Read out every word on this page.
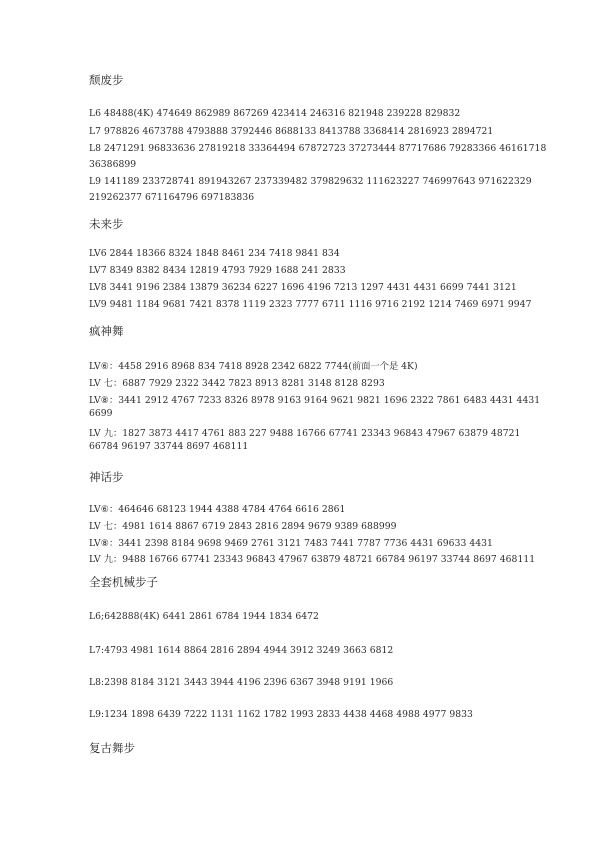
颓废步
L6 48488(4K) 474649 862989 867269 423414 246316 821948 239228 829832
L7 978826 4673788 4793888 3792446 8688133 8413788 3368414 2816923 2894721
L8 2471291 96833636 27819218 33364494 67872723 37273444 87717686 79283366 46161718
36386899
L9 141189 233728741 891943267 237339482 379829632 111623227 746997643 971622329
219262377 671164796 697183836
未来步
LV6 2844 18366 8324 1848 8461 234 7418 9841 834
LV7 8349 8382 8434 12819 4793 7929 1688 241 2833
LV8 3441 9196 2384 13879 36234 6227 1696 4196 7213 1297 4431 4431 6699 7441 3121
LV9 9481 1184 9681 7421 8378 1119 2323 7777 6711 1116 9716 2192 1214 7469 6971 9947
疯神舞
LV⑥：4458 2916 8968 834 7418 8928 2342 6822 7744(前面一个是 4K)
LV 七：6887 7929 2322 3442 7823 8913 8281 3148 8128 8293
LV⑧：3441 2912 4767 7233 8326 8978 9163 9164 9621 9821 1696 2322 7861 6483 4431 4431
6699
LV 九：1827 3873 4417 4761 883 227 9488 16766 67741 23343 96843 47967 63879 48721
66784 96197 33744 8697 468111
神话步
LV⑥：464646 68123 1944 4388 4784 4764 6616 2861
LV 七：4981 1614 8867 6719 2843 2816 2894 9679 9389 688999
LV⑧：3441 2398 8184 9698 9469 2761 3121 7483 7441 7787 7736 4431 69633 4431
LV 九：9488 16766 67741 23343 96843 47967 63879 48721 66784 96197 33744 8697 468111
全套机械步子
L6;642888(4K) 6441 2861 6784 1944 1834 6472
L7:4793 4981 1614 8864 2816 2894 4944 3912 3249 3663 6812
L8:2398 8184 3121 3443 3944 4196 2396 6367 3948 9191 1966
L9:1234 1898 6439 7222 1131 1162 1782 1993 2833 4438 4468 4988 4977 9833
复古舞步
